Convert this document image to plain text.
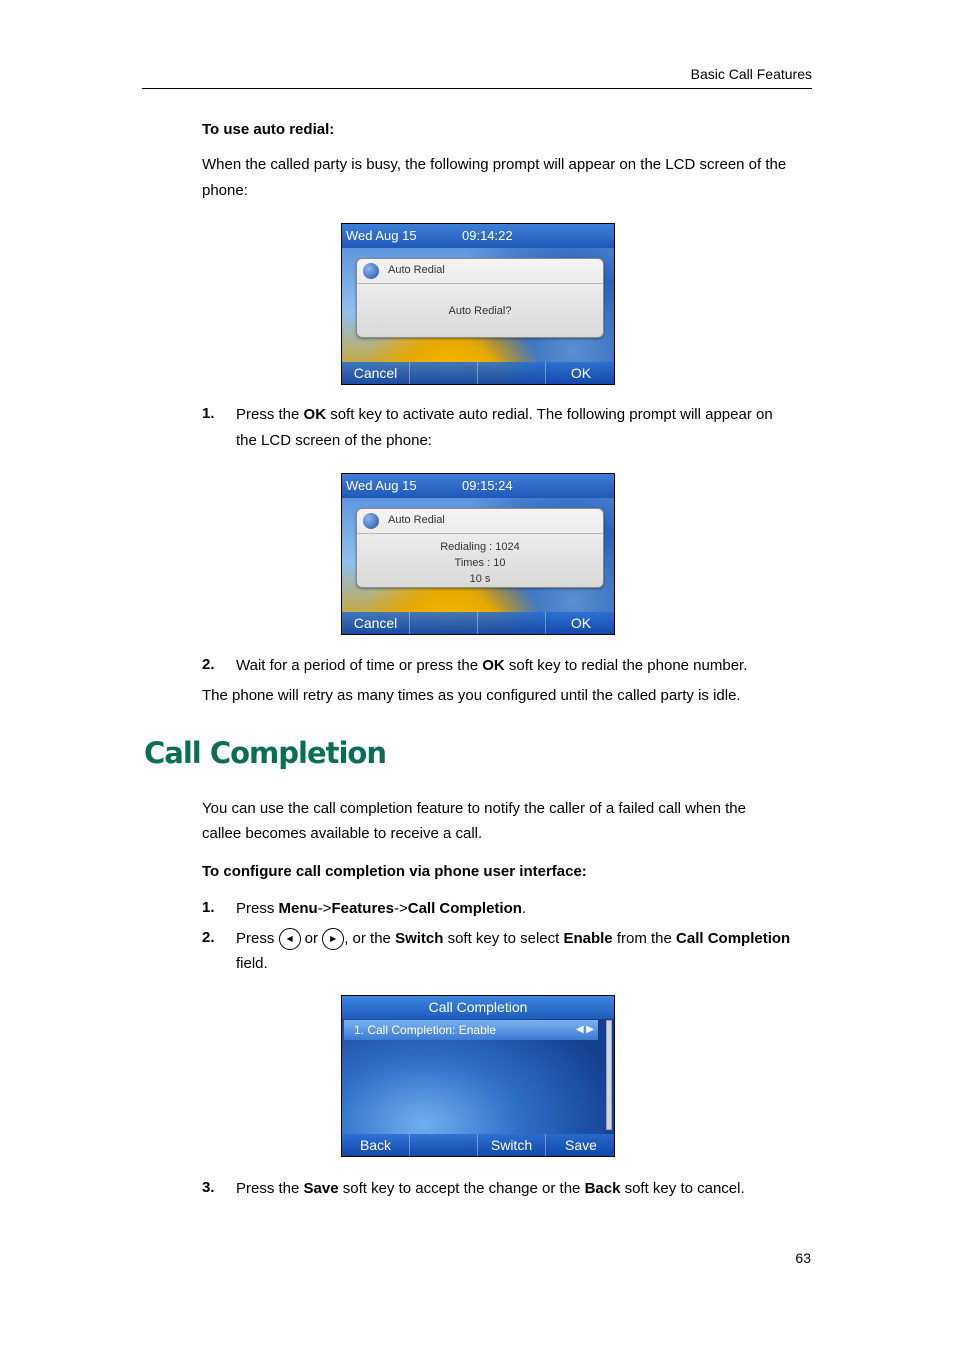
Basic Call Features
To use auto redial:
When the called party is busy, the following prompt will appear on the LCD screen of the
phone:
Wed Aug 15	09:14:22
Auto Redial
Auto Redial?
Cancel	OK
1. Press the OK soft key to activate auto redial. The following prompt will appear on
the LCD screen of the phone:
Wed Aug 15	09:15:24
Auto Redial
Redialing : 1024
Times : 10
10 s
Cancel	OK
2. Wait for a period of time or press the OK soft key to redial the phone number.
The phone will retry as many times as you configured until the called party is idle.
Call Completion
You can use the call completion feature to notify the caller of a failed call when the
callee becomes available to receive a call.
To configure call completion via phone user interface:
1. Press Menu->Features->Call Completion.
2. Press ◀ or ▶ , or the Switch soft key to select Enable from the Call Completion
field.
Call Completion
1. Call Completion: Enable	◀ ▶
Back	Switch	Save
3. Press the Save soft key to accept the change or the Back soft key to cancel.
63
